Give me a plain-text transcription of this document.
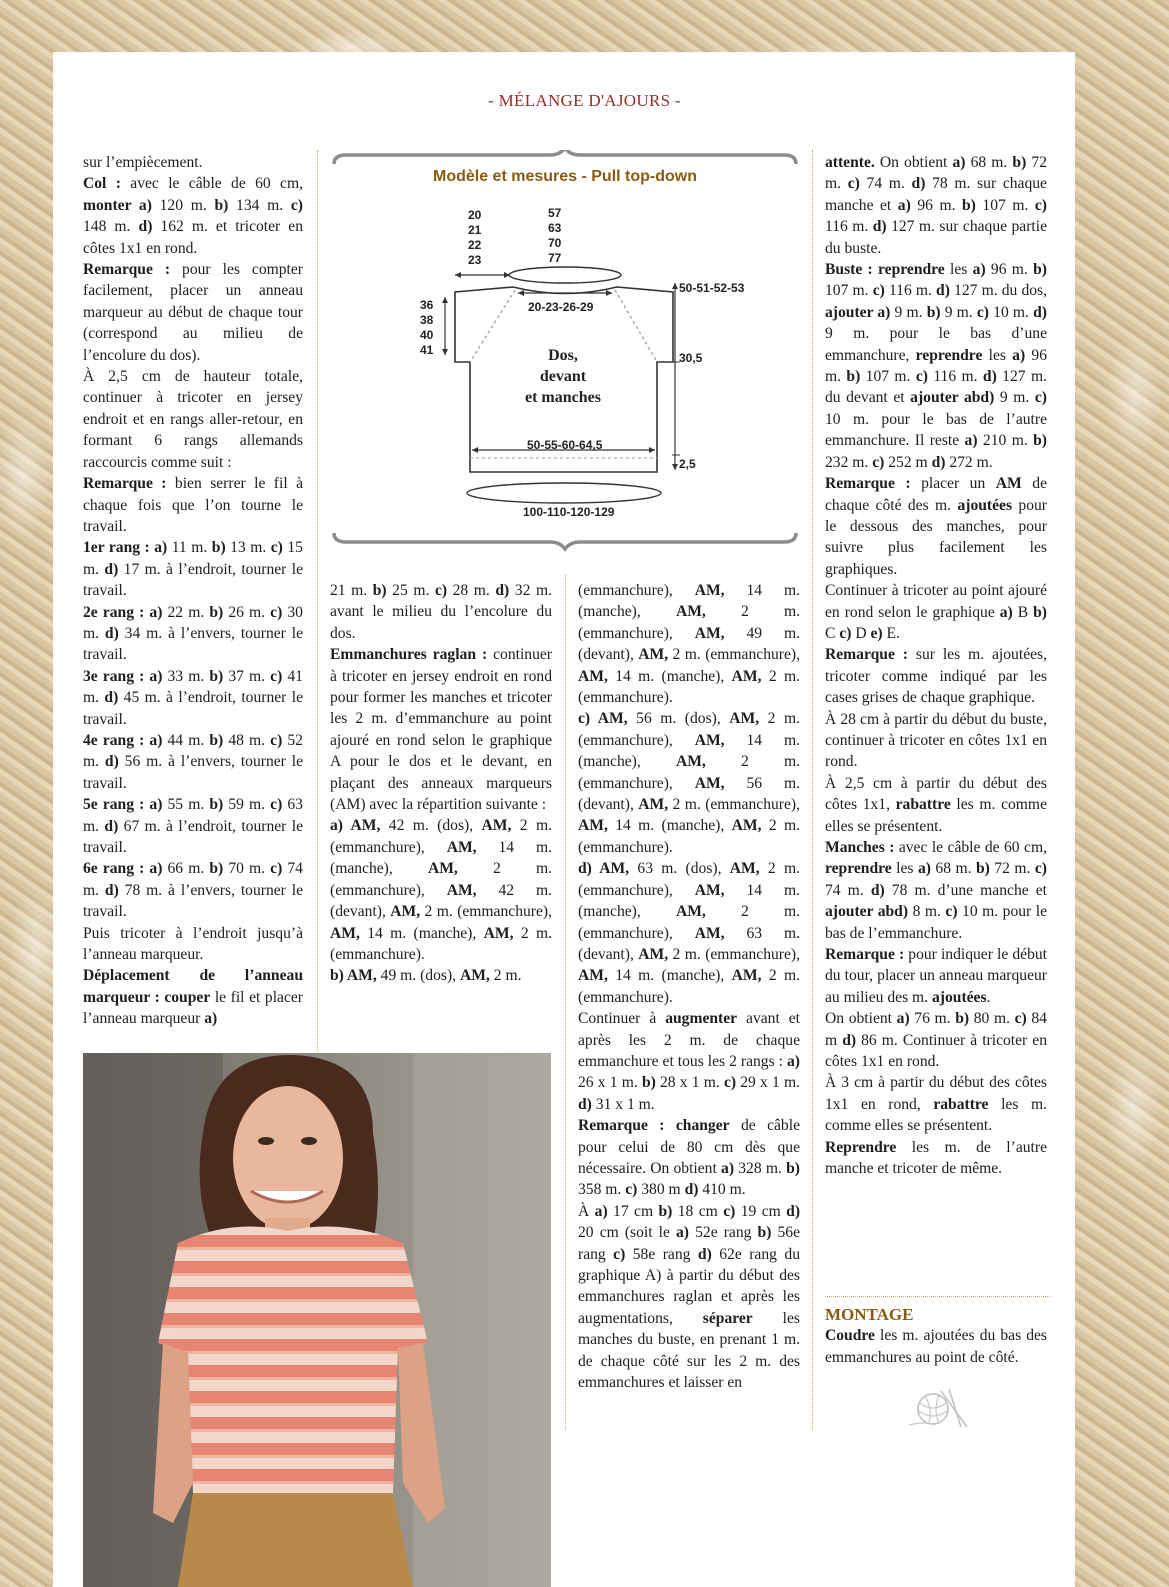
- MÉLANGE D'AJOURS -

sur l’empiècement.

Col : avec le câble de 60 cm, monter a) 120 m. b) 134 m. c) 148 m. d) 162 m. et tricoter en côtes 1x1 en rond.

Remarque : pour les compter facilement, placer un anneau marqueur au début de chaque tour (correspond au milieu de l’encolure du dos).

À 2,5 cm de hauteur totale, continuer à tricoter en jersey endroit et en rangs aller-retour, en formant 6 rangs allemands raccourcis comme suit :

Remarque : bien serrer le fil à chaque fois que l’on tourne le travail.

1er rang : a) 11 m. b) 13 m. c) 15 m. d) 17 m. à l’endroit, tourner le travail.

2e rang : a) 22 m. b) 26 m. c) 30 m. d) 34 m. à l’envers, tourner le travail.

3e rang : a) 33 m. b) 37 m. c) 41 m. d) 45 m. à l’endroit, tourner le travail.

4e rang : a) 44 m. b) 48 m. c) 52 m. d) 56 m. à l’envers, tourner le travail.

5e rang : a) 55 m. b) 59 m. c) 63 m. d) 67 m. à l’endroit, tourner le travail.

6e rang : a) 66 m. b) 70 m. c) 74 m. d) 78 m. à l’envers, tourner le travail.

Puis tricoter à l’endroit jusqu’à l’anneau marqueur.

Déplacement de l’anneau marqueur : couper le fil et placer l’anneau marqueur a)

Modèle et mesures - Pull top-down
20
21
22
23
57
63
70
77
36
38
40
41
50-51-52-53
20-23-26-29
30,5
Dos,
devant
et manches
50-55-60-64,5
2,5
100-110-120-129

21 m. b) 25 m. c) 28 m. d) 32 m. avant le milieu du l’encolure du dos.

Emmanchures raglan : continuer à tricoter en jersey endroit en rond pour former les manches et tricoter les 2 m. d’emmanchure au point ajouré en rond selon le graphique A pour le dos et le devant, en plaçant des anneaux marqueurs (AM) avec la répartition suivante :

a) AM, 42 m. (dos), AM, 2 m. (emmanchure), AM, 14 m. (manche), AM, 2 m. (emmanchure), AM, 42 m. (devant), AM, 2 m. (emmanchure), AM, 14 m. (manche), AM, 2 m. (emmanchure).

b) AM, 49 m. (dos), AM, 2 m.

(emmanchure), AM, 14 m. (manche), AM, 2 m. (emmanchure), AM, 49 m. (devant), AM, 2 m. (emmanchure), AM, 14 m. (manche), AM, 2 m. (emmanchure).

c) AM, 56 m. (dos), AM, 2 m. (emmanchure), AM, 14 m. (manche), AM, 2 m. (emmanchure), AM, 56 m. (devant), AM, 2 m. (emmanchure), AM, 14 m. (manche), AM, 2 m. (emmanchure).

d) AM, 63 m. (dos), AM, 2 m. (emmanchure), AM, 14 m. (manche), AM, 2 m. (emmanchure), AM, 63 m. (devant), AM, 2 m. (emmanchure), AM, 14 m. (manche), AM, 2 m. (emmanchure).

Continuer à augmenter avant et après les 2 m. de chaque emmanchure et tous les 2 rangs : a) 26 x 1 m. b) 28 x 1 m. c) 29 x 1 m. d) 31 x 1 m.

Remarque : changer de câble pour celui de 80 cm dès que nécessaire. On obtient a) 328 m. b) 358 m. c) 380 m d) 410 m.

À a) 17 cm b) 18 cm c) 19 cm d) 20 cm (soit le a) 52e rang b) 56e rang c) 58e rang d) 62e rang du graphique A) à partir du début des emmanchures raglan et après les augmentations, séparer les manches du buste, en prenant 1 m. de chaque côté sur les 2 m. des emmanchures et laisser en

attente. On obtient a) 68 m. b) 72 m. c) 74 m. d) 78 m. sur chaque manche et a) 96 m. b) 107 m. c) 116 m. d) 127 m. sur chaque partie du buste.

Buste : reprendre les a) 96 m. b) 107 m. c) 116 m. d) 127 m. du dos, ajouter a) 9 m. b) 9 m. c) 10 m. d) 9 m. pour le bas d’une emmanchure, reprendre les a) 96 m. b) 107 m. c) 116 m. d) 127 m. du devant et ajouter abd) 9 m. c) 10 m. pour le bas de l’autre emmanchure. Il reste a) 210 m. b) 232 m. c) 252 m d) 272 m.

Remarque : placer un AM de chaque côté des m. ajoutées pour le dessous des manches, pour suivre plus facilement les graphiques.

Continuer à tricoter au point ajouré en rond selon le graphique a) B b) C c) D e) E.

Remarque : sur les m. ajoutées, tricoter comme indiqué par les cases grises de chaque graphique.

À 28 cm à partir du début du buste, continuer à tricoter en côtes 1x1 en rond.

À 2,5 cm à partir du début des côtes 1x1, rabattre les m. comme elles se présentent.

Manches : avec le câble de 60 cm, reprendre les a) 68 m. b) 72 m. c) 74 m. d) 78 m. d’une manche et ajouter abd) 8 m. c) 10 m. pour le bas de l’emmanchure.

Remarque : pour indiquer le début du tour, placer un anneau marqueur au milieu des m. ajoutées.

On obtient a) 76 m. b) 80 m. c) 84 m d) 86 m. Continuer à tricoter en côtes 1x1 en rond.

À 3 cm à partir du début des côtes 1x1 en rond, rabattre les m. comme elles se présentent.

Reprendre les m. de l’autre manche et tricoter de même.

MONTAGE

Coudre les m. ajoutées du bas des emmanchures au point de côté.
